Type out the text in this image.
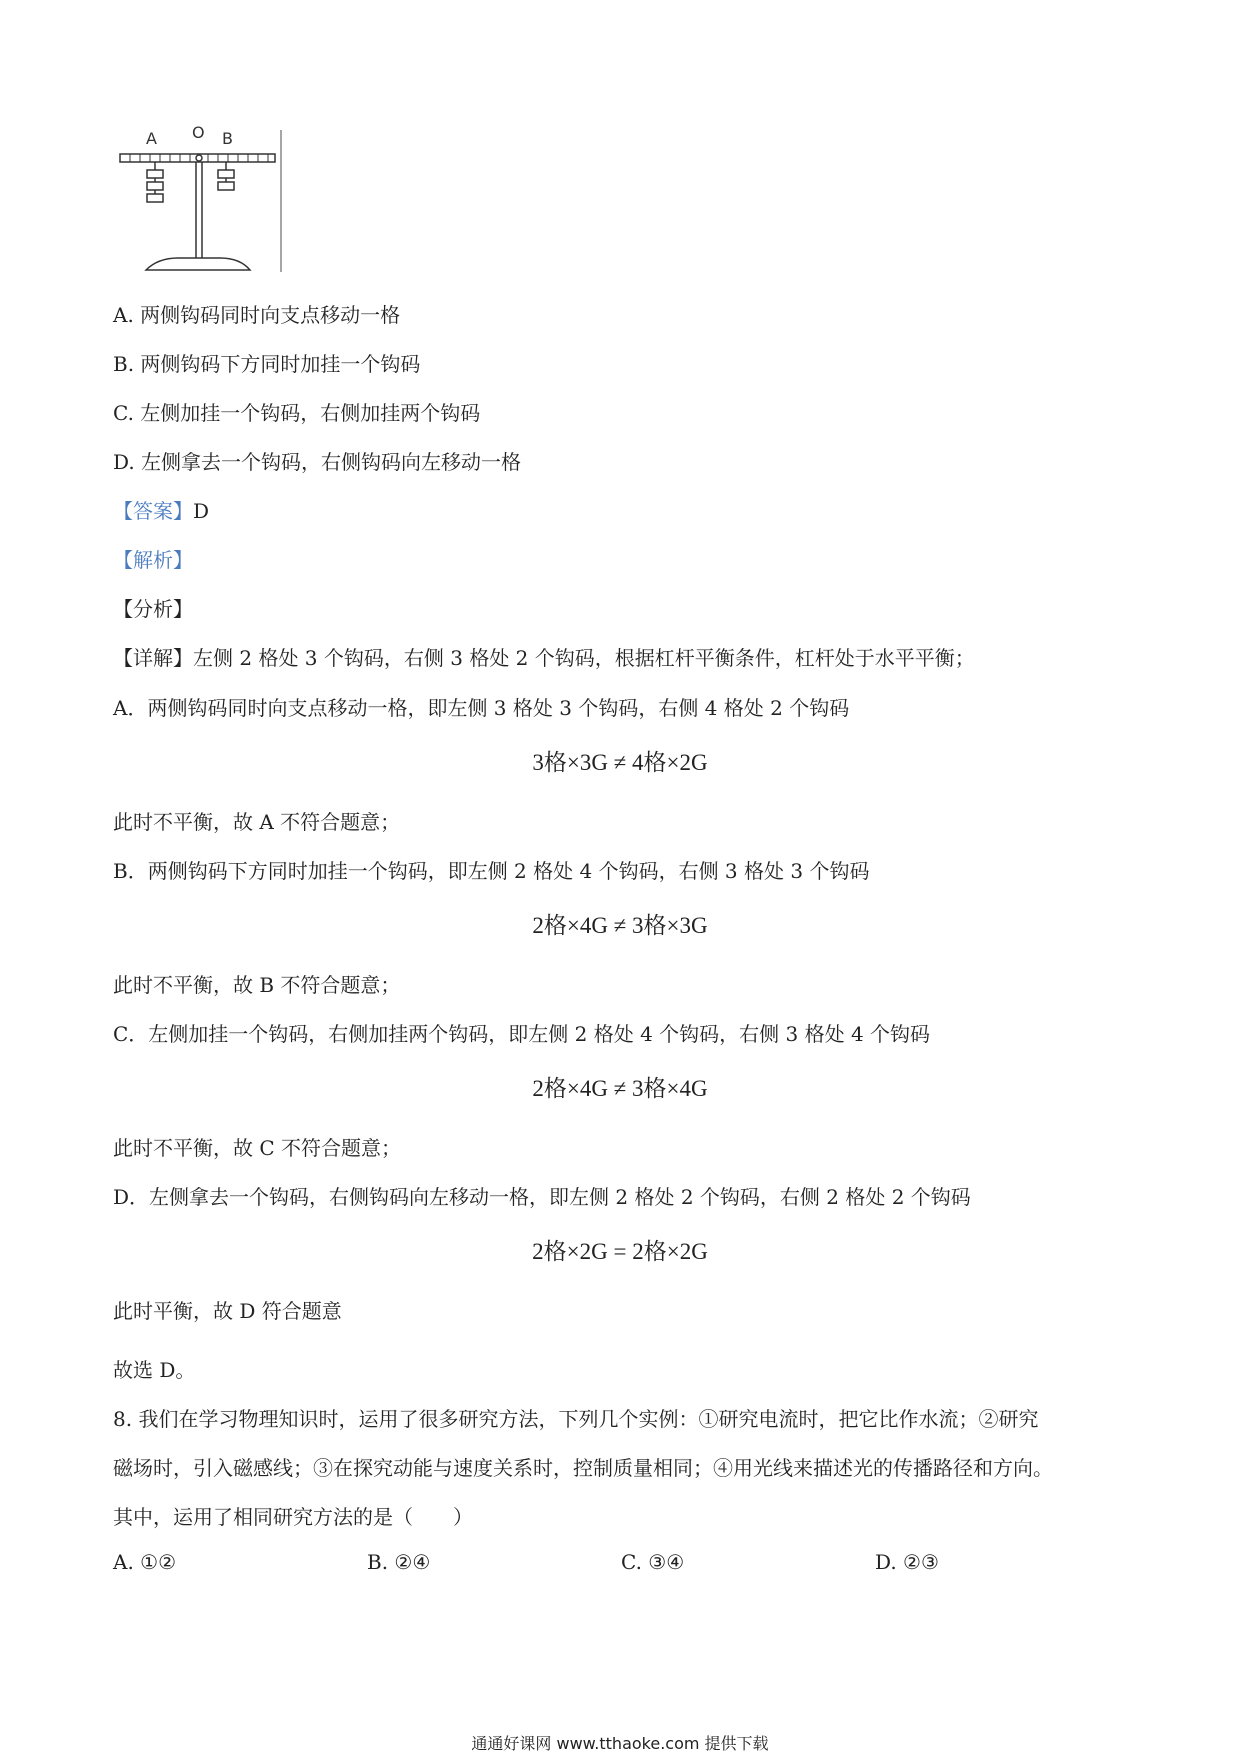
A O B
A. 两侧钩码同时向支点移动一格
B. 两侧钩码下方同时加挂一个钩码
C. 左侧加挂一个钩码，右侧加挂两个钩码
D. 左侧拿去一个钩码，右侧钩码向左移动一格
【答案】D
【解析】
【分析】
【详解】左侧 2 格处 3 个钩码，右侧 3 格处 2 个钩码，根据杠杆平衡条件，杠杆处于水平平衡；
A．两侧钩码同时向支点移动一格，即左侧 3 格处 3 个钩码，右侧 4 格处 2 个钩码
3格×3G ≠ 4格×2G
此时不平衡，故 A 不符合题意；
B．两侧钩码下方同时加挂一个钩码，即左侧 2 格处 4 个钩码，右侧 3 格处 3 个钩码
2格×4G ≠ 3格×3G
此时不平衡，故 B 不符合题意；
C．左侧加挂一个钩码，右侧加挂两个钩码，即左侧 2 格处 4 个钩码，右侧 3 格处 4 个钩码
2格×4G ≠ 3格×4G
此时不平衡，故 C 不符合题意；
D．左侧拿去一个钩码，右侧钩码向左移动一格，即左侧 2 格处 2 个钩码，右侧 2 格处 2 个钩码
2格×2G = 2格×2G
此时平衡，故 D 符合题意
故选 D。
8. 我们在学习物理知识时，运用了很多研究方法，下列几个实例：①研究电流时，把它比作水流；②研究
磁场时，引入磁感线；③在探究动能与速度关系时，控制质量相同；④用光线来描述光的传播路径和方向。
其中，运用了相同研究方法的是（　　）
A. ①②	B. ②④	C. ③④	D. ②③
通通好课网 www.tthaoke.com 提供下载
